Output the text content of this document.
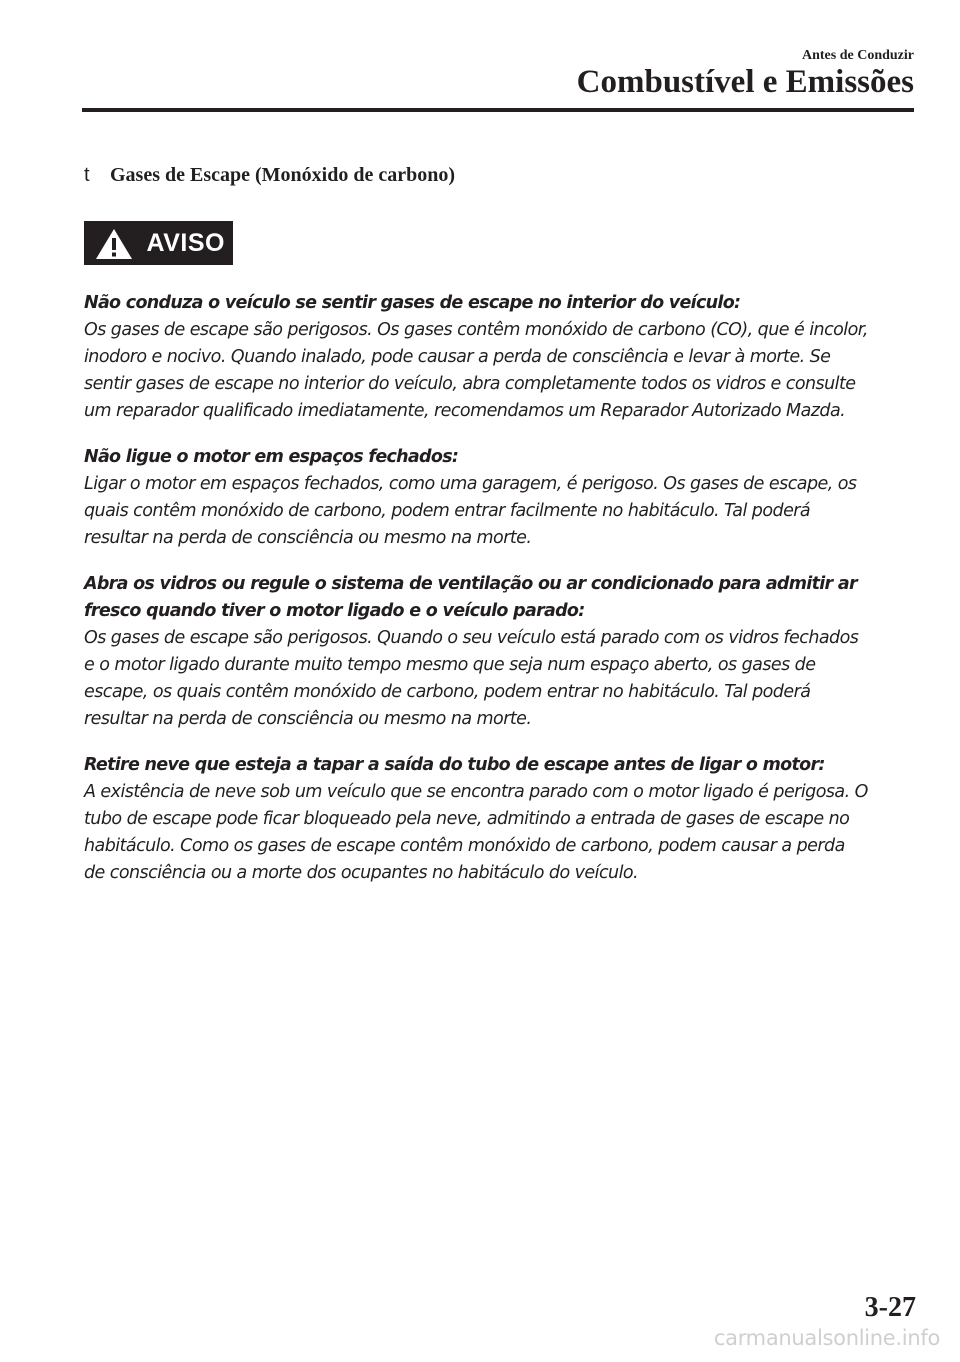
Antes de Conduzir
Combustível e Emissões
t Gases de Escape (Monóxido de carbono)
AVISO
Não conduza o veículo se sentir gases de escape no interior do veículo:
Os gases de escape são perigosos. Os gases contêm monóxido de carbono (CO), que é incolor,
inodoro e nocivo. Quando inalado, pode causar a perda de consciência e levar à morte. Se
sentir gases de escape no interior do veículo, abra completamente todos os vidros e consulte
um reparador qualificado imediatamente, recomendamos um Reparador Autorizado Mazda.
Não ligue o motor em espaços fechados:
Ligar o motor em espaços fechados, como uma garagem, é perigoso. Os gases de escape, os
quais contêm monóxido de carbono, podem entrar facilmente no habitáculo. Tal poderá
resultar na perda de consciência ou mesmo na morte.
Abra os vidros ou regule o sistema de ventilação ou ar condicionado para admitir ar fresco quando tiver o motor ligado e o veículo parado:
Os gases de escape são perigosos. Quando o seu veículo está parado com os vidros fechados
e o motor ligado durante muito tempo mesmo que seja num espaço aberto, os gases de
escape, os quais contêm monóxido de carbono, podem entrar no habitáculo. Tal poderá
resultar na perda de consciência ou mesmo na morte.
Retire neve que esteja a tapar a saída do tubo de escape antes de ligar o motor:
A existência de neve sob um veículo que se encontra parado com o motor ligado é perigosa. O
tubo de escape pode ficar bloqueado pela neve, admitindo a entrada de gases de escape no
habitáculo. Como os gases de escape contêm monóxido de carbono, podem causar a perda
de consciência ou a morte dos ocupantes no habitáculo do veículo.
3-27
carmanualsonline.info
